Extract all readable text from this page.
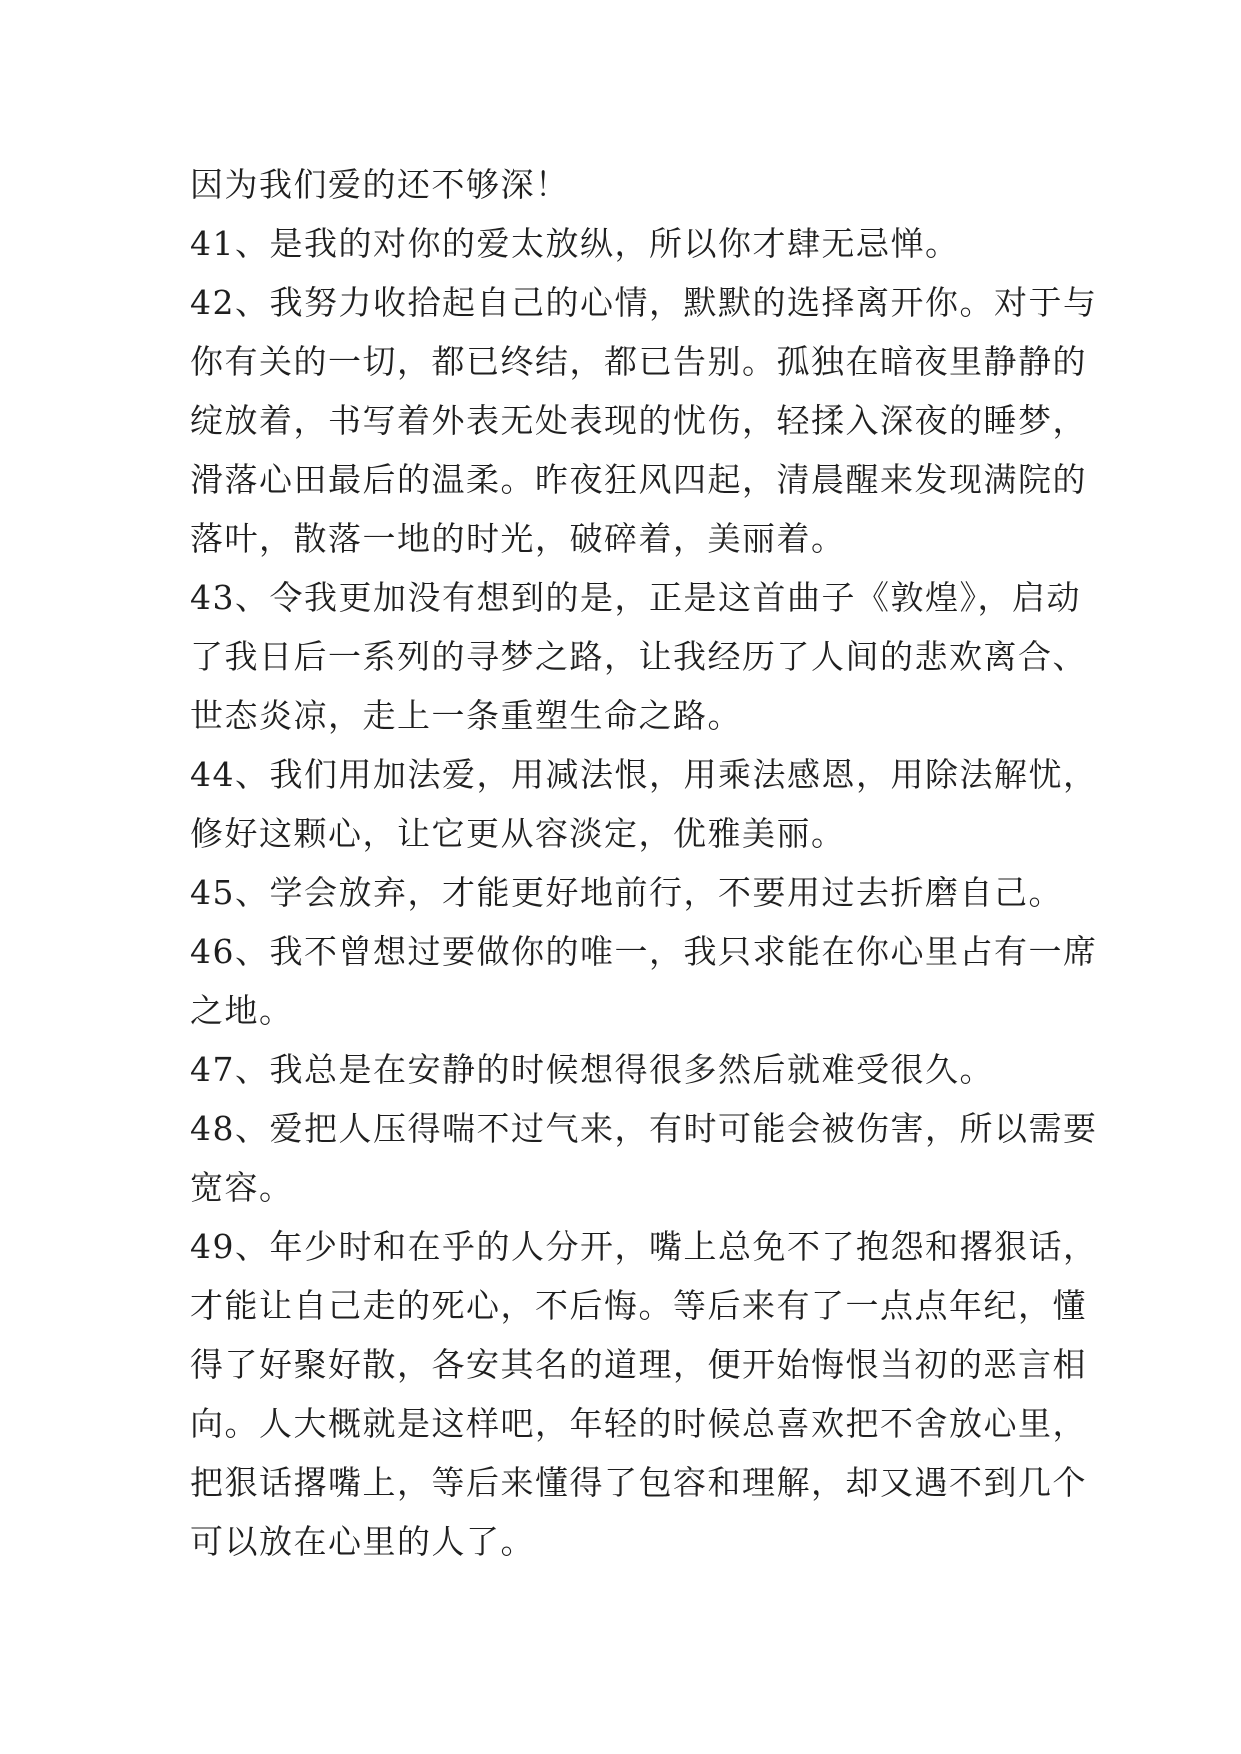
因为我们爱的还不够深！
41、是我的对你的爱太放纵，所以你才肆无忌惮。
42、我努力收拾起自己的心情，默默的选择离开你。对于与
你有关的一切，都已终结，都已告别。孤独在暗夜里静静的
绽放着，书写着外表无处表现的忧伤，轻揉入深夜的睡梦，
滑落心田最后的温柔。昨夜狂风四起，清晨醒来发现满院的
落叶，散落一地的时光，破碎着，美丽着。
43、令我更加没有想到的是，正是这首曲子《敦煌》，启动
了我日后一系列的寻梦之路，让我经历了人间的悲欢离合、
世态炎凉，走上一条重塑生命之路。
44、我们用加法爱，用减法恨，用乘法感恩，用除法解忧，
修好这颗心，让它更从容淡定，优雅美丽。
45、学会放弃，才能更好地前行，不要用过去折磨自己。
46、我不曾想过要做你的唯一，我只求能在你心里占有一席
之地。
47、我总是在安静的时候想得很多然后就难受很久。
48、爱把人压得喘不过气来，有时可能会被伤害，所以需要
宽容。
49、年少时和在乎的人分开，嘴上总免不了抱怨和撂狠话，
才能让自己走的死心，不后悔。等后来有了一点点年纪，懂
得了好聚好散，各安其名的道理，便开始悔恨当初的恶言相
向。人大概就是这样吧，年轻的时候总喜欢把不舍放心里，
把狠话撂嘴上，等后来懂得了包容和理解，却又遇不到几个
可以放在心里的人了。
